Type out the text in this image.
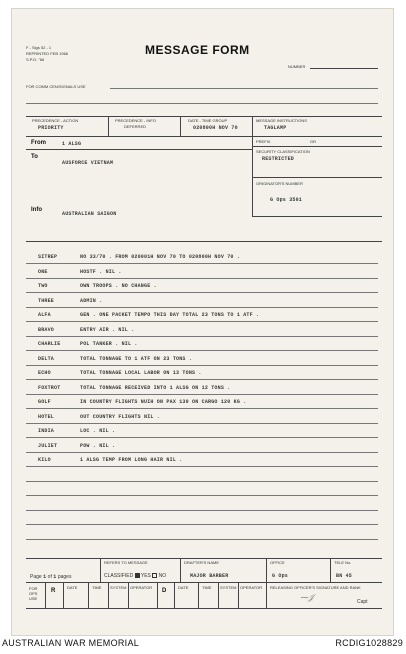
F - Sigs 52 - 1
REPRINTED FEB 1966
S.P.O. "66
MESSAGE FORM
NUMBER
FOR COMM CEN/SIGNALS USE
PRECEDENCE - ACTION
PRIORITY
PRECEDENCE - INFO
DEFERRED
DATE - TIME GROUP
020800H NOV 70
MESSAGE INSTRUCTIONS
TAGLAMP
From	1 ALSG	PREFIX	GR
SECURITY CLASSIFICATION
RESTRICTED
ORIGINATOR'S NUMBER
G Ops 3501
To
AUSFORCE VIETNAM
Info
AUSTRALIAN SAIGON
SITREP	NO 33/70 . FROM 020001H NOV 70 TO 020800H NOV 70 .
ONE	HOSTF . NIL .
TWO	OWN TROOPS . NO CHANGE .
THREE	ADMIN .
ALFA	GEN . ONE PACKET TEMPO THIS DAY TOTAL 23 TONS TO 1 ATF .
BRAVO	ENTRY AIR . NIL .
CHARLIE	POL TANKER . NIL .
DELTA	TOTAL TONNAGE TO 1 ATF ON 23 TONS .
ECHO	TOTAL TONNAGE LOCAL LABOR ON 13 TONS .
FOXTROT	TOTAL TONNAGE RECEIVED INTO 1 ALSG ON 12 TONS .
GOLF	IN COUNTRY FLIGHTS NUIH ON PAX 130 ON CARGO 120 KG .
HOTEL	OUT COUNTRY FLIGHTS NIL .
INDIA	LOC . NIL .
JULIET	POW . NIL .
KILO	1 ALSG TEMP FROM LONG HAIR NIL .
REFERS TO MESSAGE	DRAFTER'S NAME	OFFICE	TELE No.
Page 1 of 1 pages	CLASSIFIED YES NO	MAJOR BARBER	G Ops	BN 45
FOR OPS USE
R
DATE	TIME SYSTEM OPERATOR
D
DATE	TIME SYSTEM OPERATOR RELEASING OFFICER'S SIGNATURE AND RANK
⁓𝒥	Capt
AUSTRALIAN WAR MEMORIAL	RCDIG1028829
